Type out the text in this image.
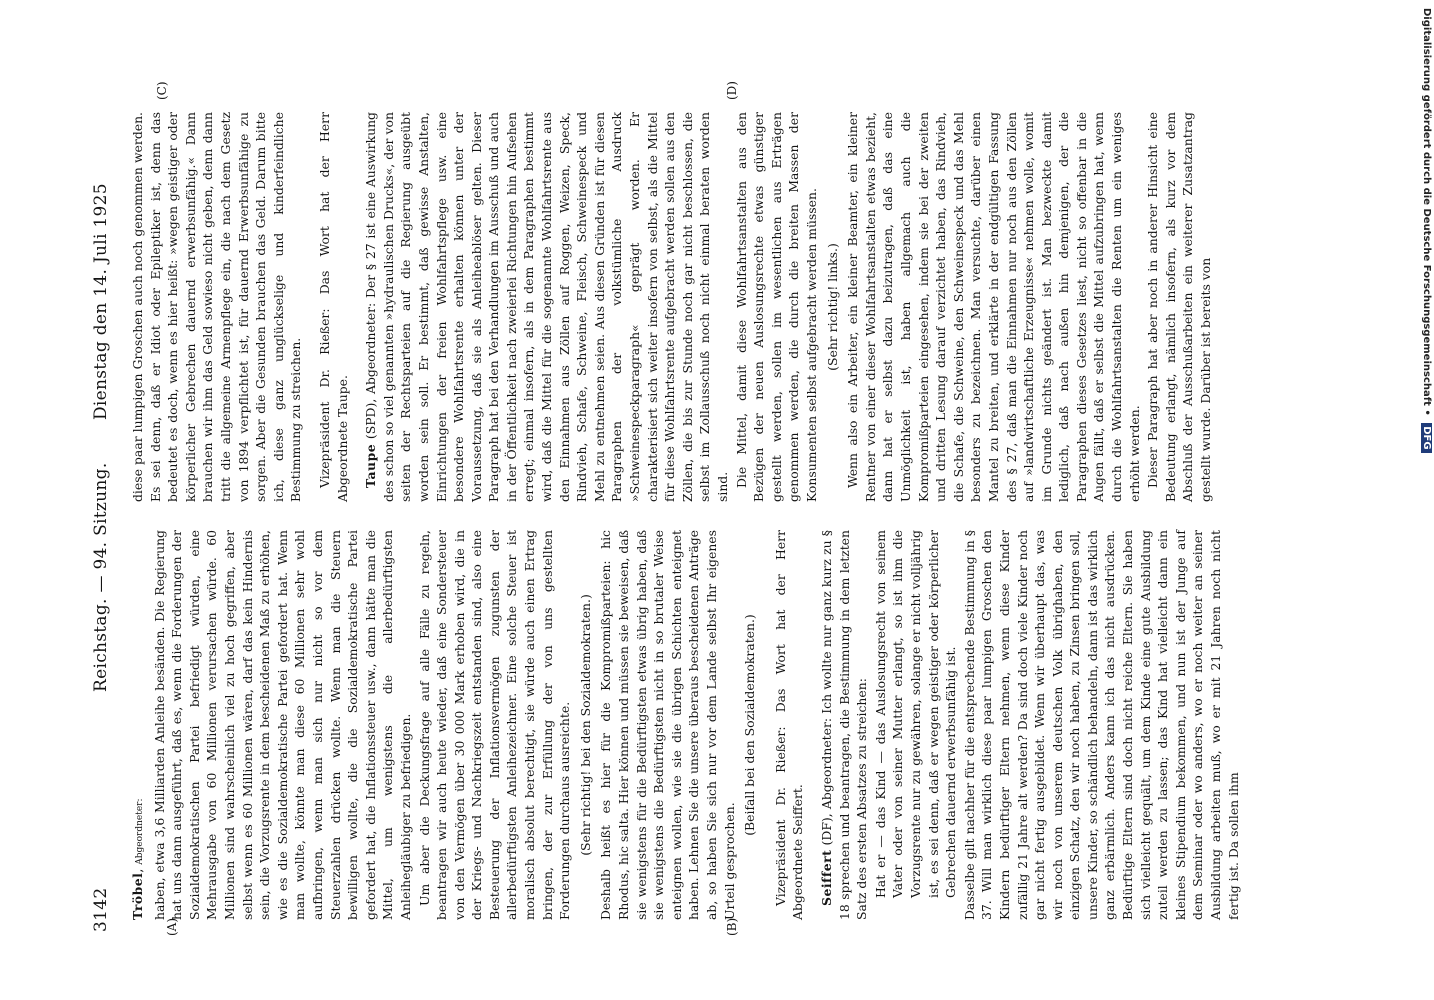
3142
Reichstag. — 94. Sitzung.
Dienstag den 14. Juli 1925
(A)	(B)
(C)	(D)

Tröbel, Abgeordneter: haben, etwa 3,6 Milliarden Anleihe besänden. Die Regierung hat uns dann ausgeführt, daß es, wenn die Forderungen der Sozialdemokratischen Partei befriedigt würden, eine Mehrausgabe von 60 Millionen verursachen würde. 60 Millionen sind wahrscheinlich viel zu hoch gegriffen, aber selbst wenn es 60 Millionen wären, darf das kein Hindernis sein, die Vorzugsrente in dem bescheidenen Maß zu erhöhen, wie es die Sozialdemokratische Partei gefordert hat. Wenn man wollte, könnte man diese 60 Millionen sehr wohl aufbringen, wenn man sich nur nicht so vor dem Steuerzahlen drücken wollte. Wenn man die Steuern bewilligen wollte, die die Sozialdemokratische Partei gefordert hat, die Inflationssteuer usw., dann hätte man die Mittel, um wenigstens die allerbedürftigsten Anleihegläubiger zu befriedigen. Um aber die Deckungsfrage auf alle Fälle zu regeln, beantragen wir auch heute wieder, daß eine Sondersteuer von den Vermögen über 30 000 Mark erhoben wird, die in der Kriegs- und Nachkriegszeit entstanden sind, also eine Besteuerung der Inflationsvermögen zugunsten der allerbedürftigsten Anleihezeichner. Eine solche Steuer ist moralisch absolut berechtigt, sie würde auch einen Ertrag bringen, der zur Erfüllung der von uns gestellten Forderungen durchaus ausreichte. (Sehr richtig! bei den Sozialdemokraten.) Deshalb heißt es hier für die Kompromißparteien: hic Rhodus, hic salta. Hier können und müssen sie beweisen, daß sie wenigstens für die Bedürftigsten etwas übrig haben, daß sie wenigstens die Bedürftigsten nicht in so brutaler Weise enteignen wollen, wie sie die übrigen Schichten enteignet haben. Lehnen Sie die unsere überaus bescheidenen Anträge ab, so haben Sie sich nur vor dem Lande selbst Ihr eigenes Urteil gesprochen.

(Beifall bei den Sozialdemokraten.) Vizepräsident Dr. Rießer: Das Wort hat der Herr Abgeordnete Seiffert. Seiffert (DF), Abgeordneter: Ich wollte nur ganz kurz zu § 18 sprechen und beantragen, die Bestimmung in dem letzten Satz des ersten Absatzes zu streichen: Hat er — das Kind — das Auslosungsrecht von seinem Vater oder von seiner Mutter erlangt, so ist ihm die Vorzugsrente nur zu gewähren, solange er nicht volljährig ist, es sei denn, daß er wegen geistiger oder körperlicher Gebrechen dauernd erwerbsunfähig ist. Dasselbe gilt nachher für die entsprechende Bestimmung in § 37. Will man wirklich diese paar lumpigen Groschen den Kindern bedürftiger Eltern nehmen, wenn diese Kinder zufällig 21 Jahre alt werden? Da sind doch viele Kinder noch gar nicht fertig ausgebildet. Wenn wir überhaupt das, was wir noch von unserem deutschen Volk übrighaben, den einzigen Schatz, den wir noch haben, zu Zinsen bringen soll, unsere Kinder, so schändlich behandeln, dann ist das wirklich ganz erbärmlich. Anders kann ich das nicht ausdrücken. Bedürftige Eltern sind doch nicht reiche Eltern. Sie haben sich vielleicht gequält, um dem Kinde eine gute Ausbildung zuteil werden zu lassen; das Kind hat vielleicht dann ein kleines Stipendium bekommen, und nun ist der Junge auf dem Seminar oder wo anders, wo er noch weiter an seiner Ausbildung arbeiten muß, wo er mit 21 Jahren noch nicht fertig ist. Da sollen ihm

diese paar lumpigen Groschen auch noch genommen werden. Es sei denn, daß er Idiot oder Epileptiker ist, denn das bedeutet es doch, wenn es hier heißt: »wegen geistiger oder körperlicher Gebrechen dauernd erwerbsunfähig.« Dann brauchen wir ihm das Geld sowieso nicht geben, denn dann tritt die allgemeine Armenpflege ein, die nach dem Gesetz von 1894 verpflichtet ist, für dauernd Erwerbsunfähige zu sorgen. Aber die Gesunden brauchen das Geld. Darum bitte ich, diese ganz unglückselige und kinderfeindliche Bestimmung zu streichen. Vizepräsident Dr. Rießer: Das Wort hat der Herr Abgeordnete Taupe. Taupe (SPD), Abgeordneter: Der § 27 ist eine Auswirkung des schon so viel genannten »hydraulischen Drucks«, der von seiten der Rechtsparteien auf die Regierung ausgeübt worden sein soll. Er bestimmt, daß gewisse Anstalten, Einrichtungen der freien Wohlfahrtspflege usw. eine besondere Wohlfahrtsrente erhalten können unter der Voraussetzung, daß sie als Anleiheablöser gelten. Dieser Paragraph hat bei den Verhandlungen im Ausschuß und auch in der Öffentlichkeit nach zweierlei Richtungen hin Aufsehen erregt; einmal insofern, als in dem Paragraphen bestimmt wird, daß die Mittel für die sogenannte Wohlfahrtsrente aus den Einnahmen aus Zöllen auf Roggen, Weizen, Speck, Rindvieh, Schafe, Schweine, Fleisch, Schweinespeck und Mehl zu entnehmen seien. Aus diesen Gründen ist für diesen Paragraphen der volkstümliche Ausdruck »Schweinespeckparagraph« geprägt worden. Er charakterisiert sich weiter insofern von selbst, als die Mittel für diese Wohlfahrtsrente aufgebracht werden sollen aus den Zöllen, die bis zur Stunde noch gar nicht beschlossen, die selbst im Zollausschuß noch nicht einmal beraten worden sind. Die Mittel, damit diese Wohlfahrtsanstalten aus den Bezügen der neuen Auslosungsrechte etwas günstiger gestellt werden, sollen im wesentlichen aus Erträgen genommen werden, die durch die breiten Massen der Konsumenten selbst aufgebracht werden müssen. (Sehr richtig! links.) Wenn also ein Arbeiter, ein kleiner Beamter, ein kleiner Rentner von einer dieser Wohlfahrtsanstalten etwas bezieht, dann hat er selbst dazu beizutragen, daß das eine Unmöglichkeit ist, haben allgemach auch die Kompromißparteien eingesehen, indem sie bei der zweiten und dritten Lesung darauf verzichtet haben, das Rindvieh, die Schafe, die Schweine, den Schweinespeck und das Mehl besonders zu bezeichnen. Man versuchte, darüber einen Mantel zu breiten, und erklärte in der endgültigen Fassung des § 27, daß man die Einnahmen nur noch aus den Zöllen auf »landwirtschaftliche Erzeugnisse« nehmen wolle, womit im Grunde nichts geändert ist. Man bezweckte damit lediglich, daß nach außen hin demjenigen, der die Paragraphen dieses Gesetzes liest, nicht so offenbar in die Augen fällt, daß er selbst die Mittel aufzubringen hat, wenn durch die Wohlfahrtsanstalten die Renten um ein weniges erhöht werden. Dieser Paragraph hat aber noch in anderer Hinsicht eine Bedeutung erlangt, nämlich insofern, als kurz vor dem Abschluß der Ausschußarbeiten ein weiterer Zusatzantrag gestellt wurde. Darüber ist bereits von	Digitalisierung gefördert durch die Deutsche Forschungsgemeinschaft • DFG
